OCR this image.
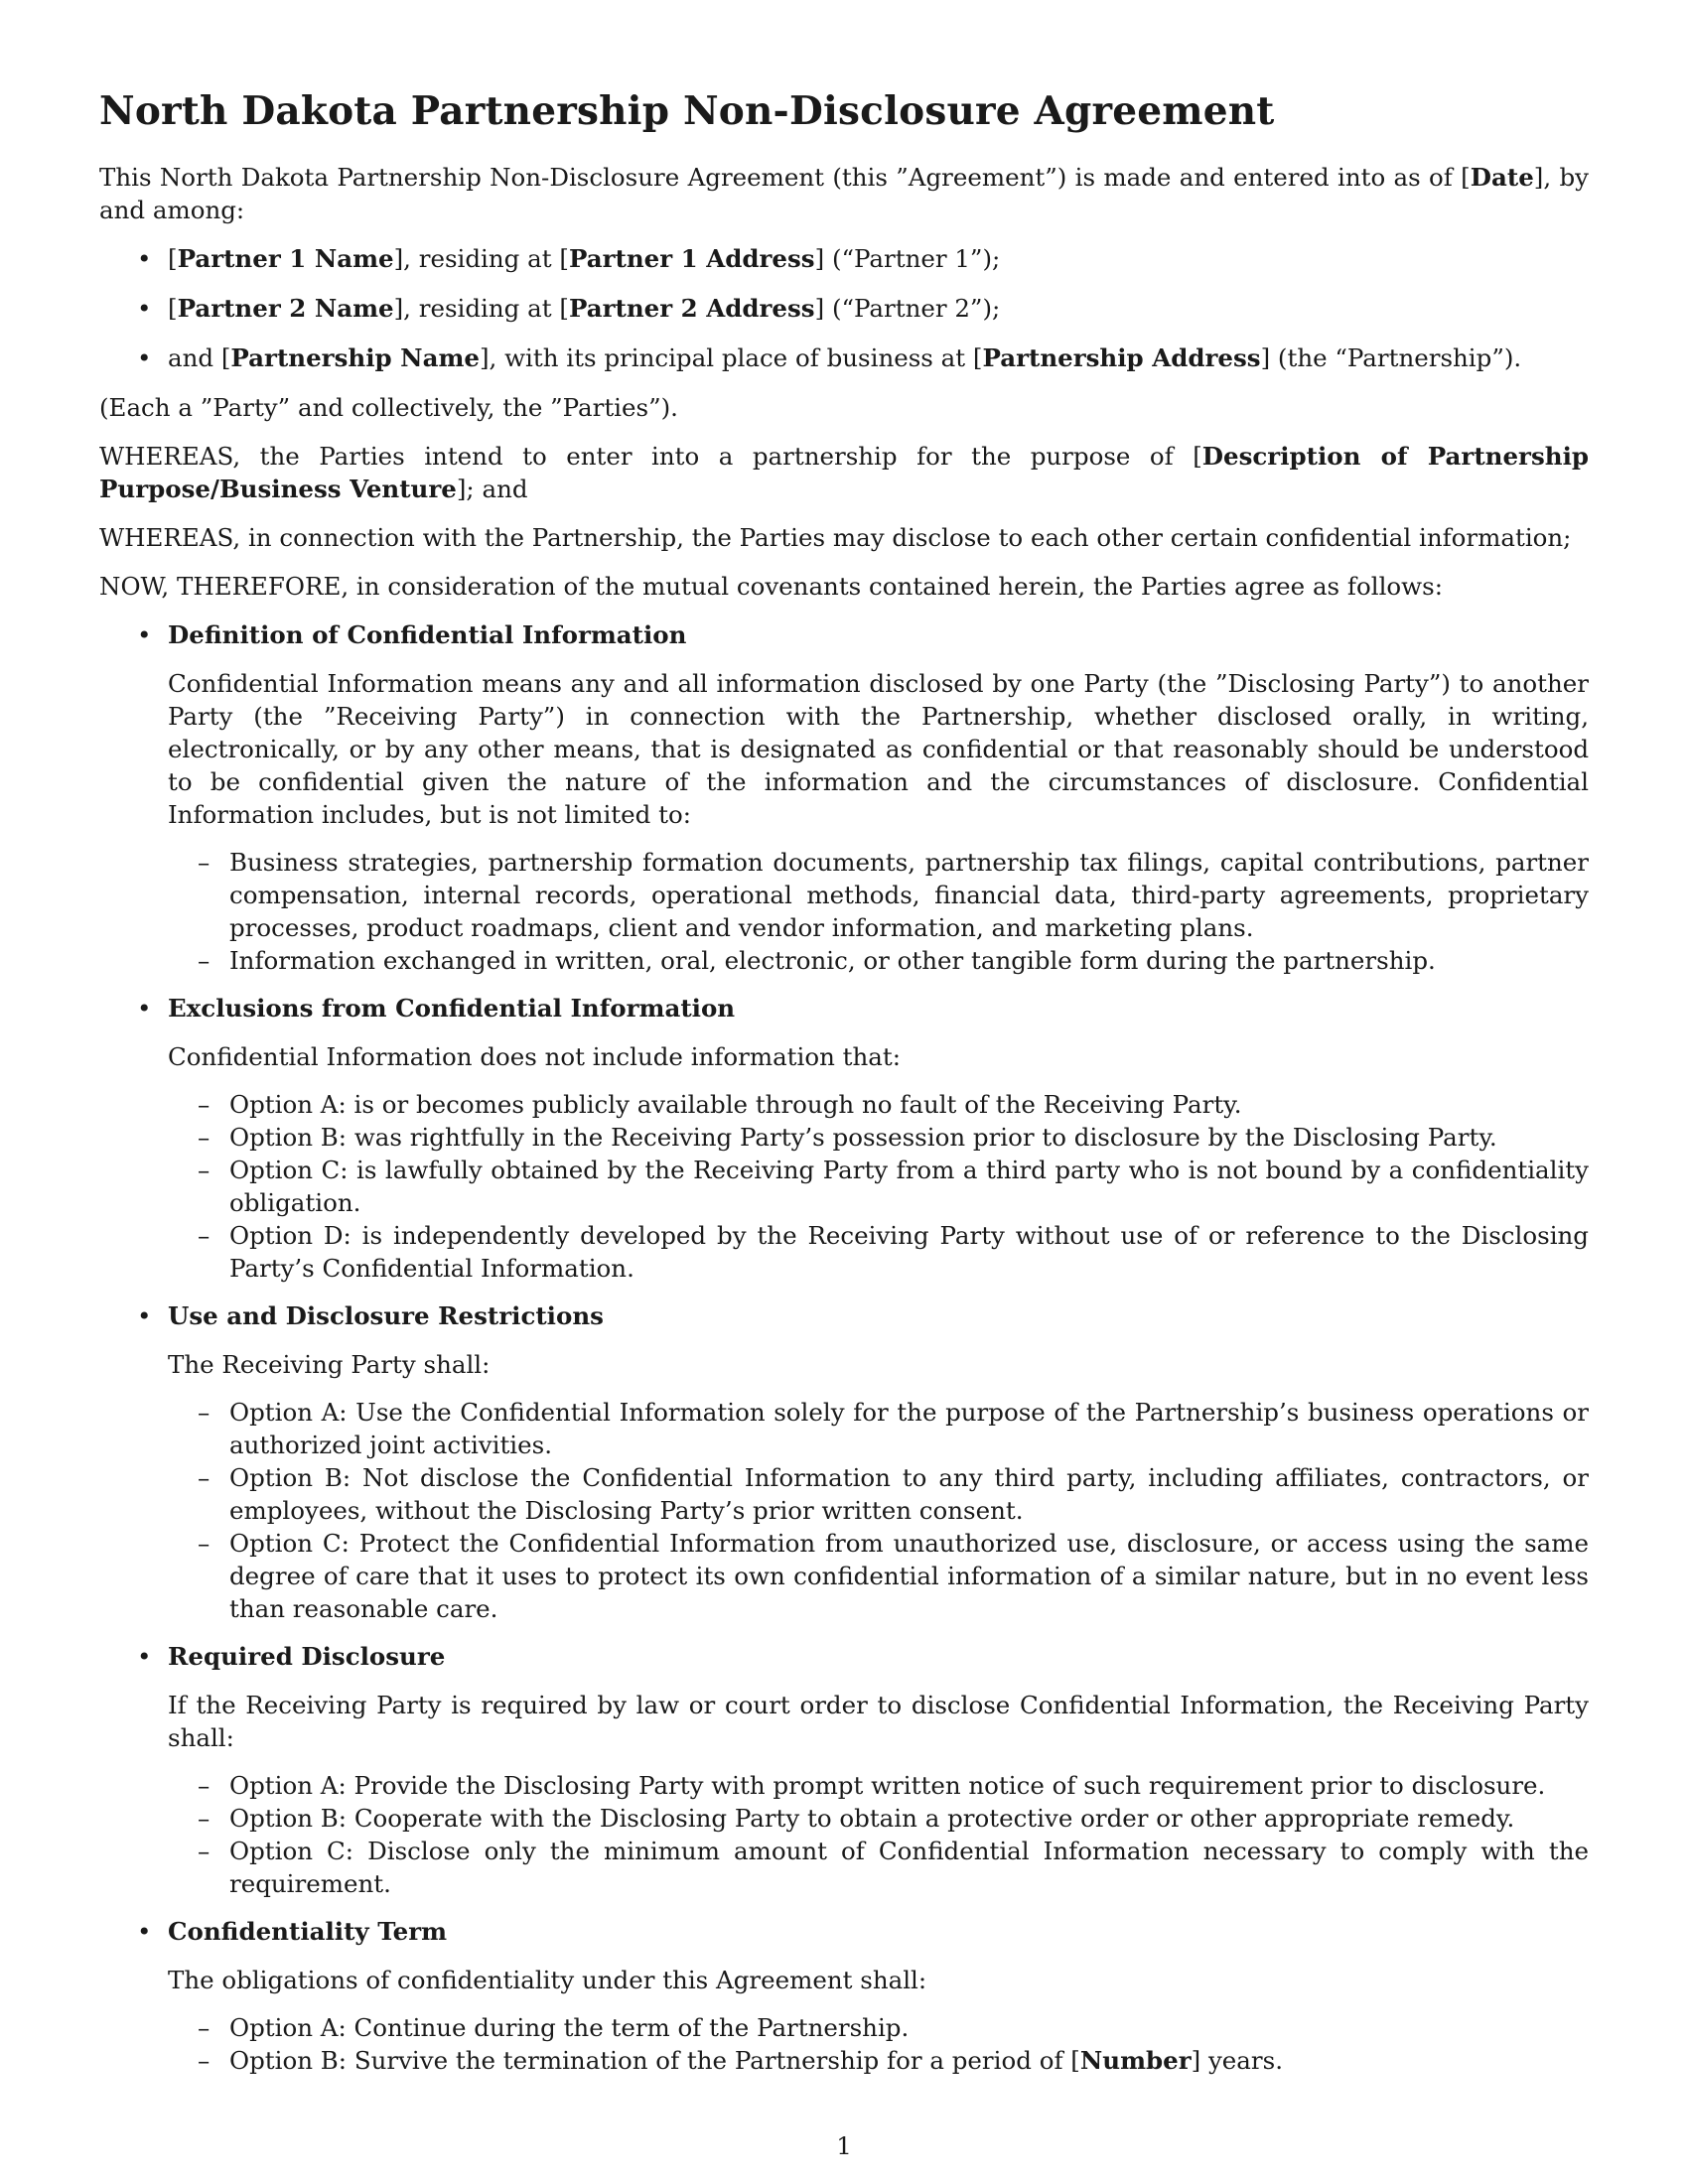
North Dakota Partnership Non-Disclosure Agreement

This North Dakota Partnership Non-Disclosure Agreement (this ”Agreement”) is made and entered into as of [Date], by and among:

• [Partner 1 Name], residing at [Partner 1 Address] (“Partner 1”);
• [Partner 2 Name], residing at [Partner 2 Address] (“Partner 2”);
• and [Partnership Name], with its principal place of business at [Partnership Address] (the “Partnership”).

(Each a ”Party” and collectively, the ”Parties”).

WHEREAS, the Parties intend to enter into a partnership for the purpose of [Description of Partnership Purpose/Business Venture]; and

WHEREAS, in connection with the Partnership, the Parties may disclose to each other certain confidential information;

NOW, THEREFORE, in consideration of the mutual covenants contained herein, the Parties agree as follows:

• Definition of Confidential Information
Confidential Information means any and all information disclosed by one Party (the ”Disclosing Party”) to another Party (the ”Receiving Party”) in connection with the Partnership, whether disclosed orally, in writing, electronically, or by any other means, that is designated as confidential or that reasonably should be understood to be confidential given the nature of the information and the circumstances of disclosure. Confidential Information includes, but is not limited to:
– Business strategies, partnership formation documents, partnership tax filings, capital contributions, partner compensation, internal records, operational methods, financial data, third-party agreements, proprietary processes, product roadmaps, client and vendor information, and marketing plans.
– Information exchanged in written, oral, electronic, or other tangible form during the partnership.
• Exclusions from Confidential Information
Confidential Information does not include information that:
– Option A: is or becomes publicly available through no fault of the Receiving Party.
– Option B: was rightfully in the Receiving Party’s possession prior to disclosure by the Disclosing Party.
– Option C: is lawfully obtained by the Receiving Party from a third party who is not bound by a confidentiality obligation.
– Option D: is independently developed by the Receiving Party without use of or reference to the Disclosing Party’s Confidential Information.
• Use and Disclosure Restrictions
The Receiving Party shall:
– Option A: Use the Confidential Information solely for the purpose of the Partnership’s business operations or authorized joint activities.
– Option B: Not disclose the Confidential Information to any third party, including affiliates, contractors, or employees, without the Disclosing Party’s prior written consent.
– Option C: Protect the Confidential Information from unauthorized use, disclosure, or access using the same degree of care that it uses to protect its own confidential information of a similar nature, but in no event less than reasonable care.
• Required Disclosure
If the Receiving Party is required by law or court order to disclose Confidential Information, the Receiving Party shall:
– Option A: Provide the Disclosing Party with prompt written notice of such requirement prior to disclosure.
– Option B: Cooperate with the Disclosing Party to obtain a protective order or other appropriate remedy.
– Option C: Disclose only the minimum amount of Confidential Information necessary to comply with the requirement.
• Confidentiality Term
The obligations of confidentiality under this Agreement shall:
– Option A: Continue during the term of the Partnership.
– Option B: Survive the termination of the Partnership for a period of [Number] years.
1
